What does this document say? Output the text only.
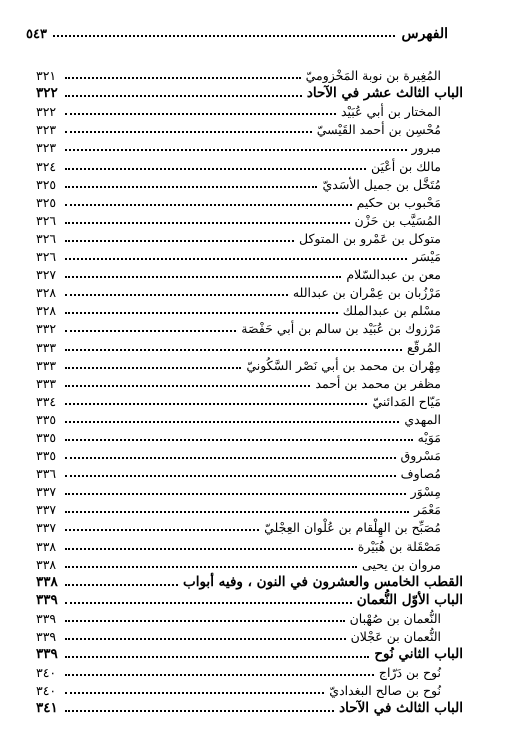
الفهرس
٥٤٣
المُغِيرة بن نوبة المَخْزوميّ
٣٢١
الباب الثالث عشر في الآحاد
٣٢٢
المختار بن أبي عُبَيْد
٣٢٢
مُحْسِن بن أحمد القَيْسيّ
٣٢٣
مبرور
٣٢٣
مالك بن أعْيَن
٣٢٤
مُتَخَّل بن جميل الأسَديّ
٣٢٥
مَحْبوب بن حكيم
٣٢٥
المُسَيَّب بن حَزْن
٣٢٦
متوكل بن عَمْرو بن المتوكل
٣٢٦
مَيْسَر
٣٢٦
معن بن عبدالسّلام
٣٢٧
مَرْزُبان بن عِمْران بن عبدالله
٣٢٨
مسْلم بن عبدالملك
٣٢٨
مَرْزوك بن عُبَيْد بن سالم بن أبي حَفْصَة
٣٣٢
المُرقّع
٣٣٣
مِهْران بن محمد بن أبي نَصْر السَّكُونيّ
٣٣٣
مظفر بن محمد بن أحمد
٣٣٣
مَيّاح المَدائنيّ
٣٣٤
المهدي
٣٣٥
مَوَيْه
٣٣٥
مَسْروق
٣٣٥
مُصاوف
٣٣٦
مِسْوَر
٣٣٧
مَعْمَر
٣٣٧
مُصَبِّح بن الهِلْقام بن عُلْوان العِجْليّ
٣٣٧
مَصْقَلة بن هُبَيْرة
٣٣٨
مروان بن يحيى
٣٣٨
القطب الخامس والعشرون في النون ، وفيه أبواب
٣٣٨
الباب الأوّل النُّعمان
٣٣٩
النُّعمان بن صُهْبان
٣٣٩
النُّعمان بن عَجْلان
٣٣٩
الباب الثاني نُوح
٣٣٩
نُوح بن دَرّاج
٣٤٠
نُوح بن صالح البغداديّ
٣٤٠
الباب الثالث في الآحاد
٣٤١
